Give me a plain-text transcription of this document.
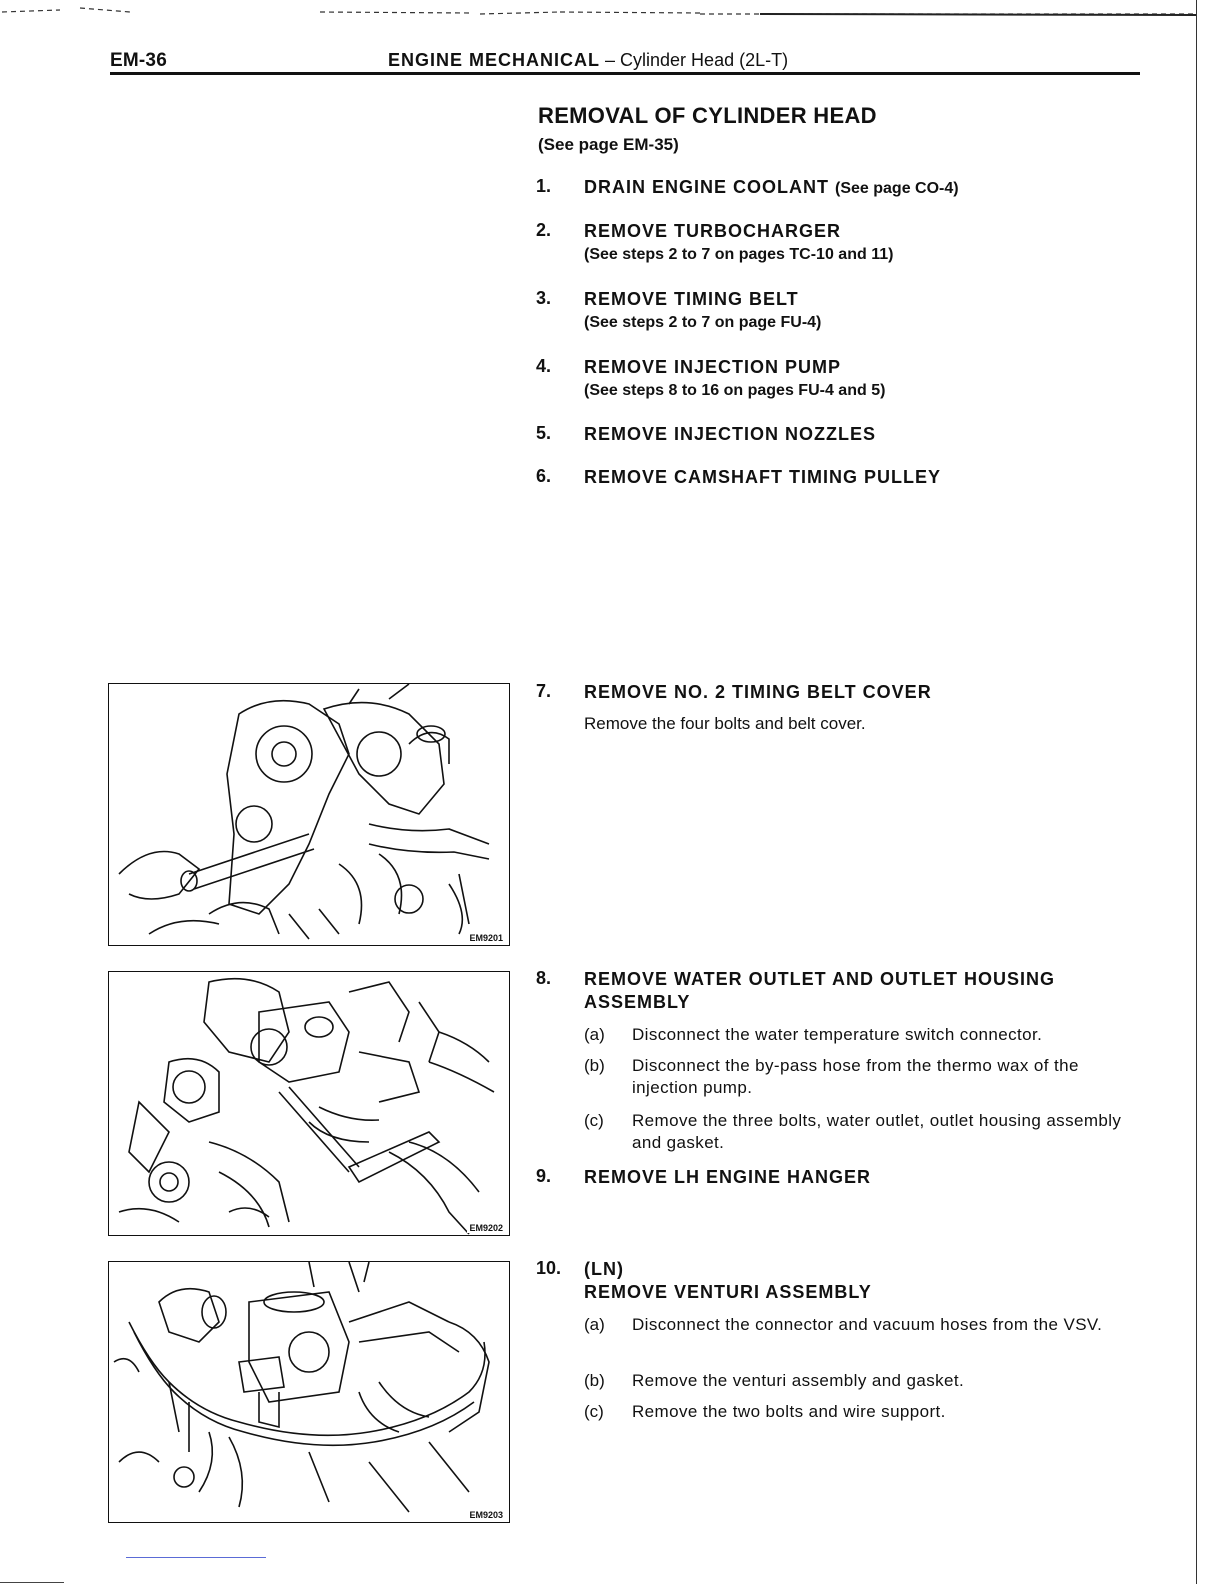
EM-36	ENGINE MECHANICAL – Cylinder Head (2L-T)
REMOVAL OF CYLINDER HEAD
(See page EM-35)
1. DRAIN ENGINE COOLANT (See page CO-4)
2. REMOVE TURBOCHARGER
(See steps 2 to 7 on pages TC-10 and 11)
3. REMOVE TIMING BELT
(See steps 2 to 7 on page FU-4)
4. REMOVE INJECTION PUMP
(See steps 8 to 16 on pages FU-4 and 5)
5. REMOVE INJECTION NOZZLES
6. REMOVE CAMSHAFT TIMING PULLEY
EM9201
7. REMOVE NO. 2 TIMING BELT COVER
Remove the four bolts and belt cover.
EM9202
8. REMOVE WATER OUTLET AND OUTLET HOUSING
ASSEMBLY
(a) Disconnect the water temperature switch connector.
(b) Disconnect the by-pass hose from the thermo wax of the injection pump.
(c) Remove the three bolts, water outlet, outlet housing assembly and gasket.
9. REMOVE LH ENGINE HANGER
EM9203
10. (LN)
REMOVE VENTURI ASSEMBLY
(a) Disconnect the connector and vacuum hoses from the VSV.
(b) Remove the venturi assembly and gasket.
(c) Remove the two bolts and wire support.
